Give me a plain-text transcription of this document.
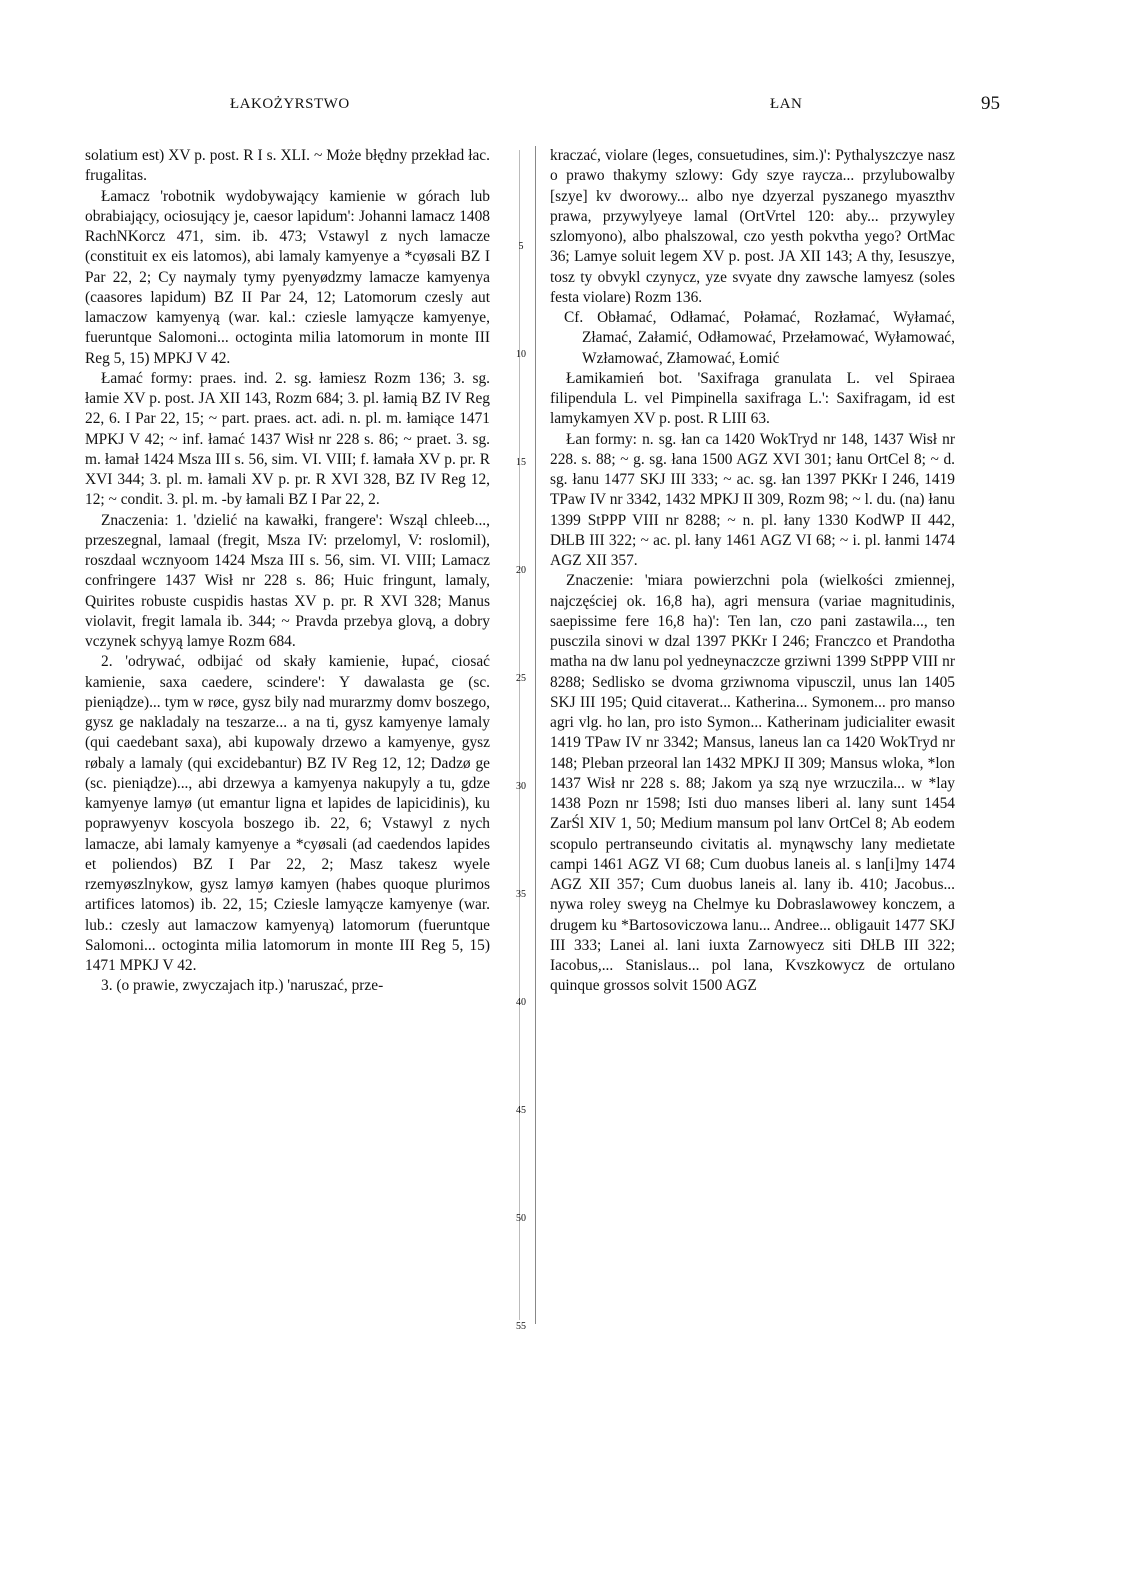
ŁAKOŻYRSTWO	ŁAN	95
5
10
15
20
25
30
35
40
45
50
55

solatium est) XV p. post. R I s. XLI. ~ Może błędny przekład łac. frugalitas.

Łamacz 'robotnik wydobywający kamienie w górach lub obrabiający, ociosujący je, caesor lapidum': Johanni lamacz 1408 RachNKorcz 471, sim. ib. 473; Vstawyl z nych lamacze (constituit ex eis latomos), abi lamaly kamyenye a *cyøsali BZ I Par 22, 2; Cy naymaly tymy pyenyødzmy lamacze kamyenya (caasores lapidum) BZ II Par 24, 12; Latomorum czesly aut lamaczow kamyenyą (war. kal.: cziesle lamyącze kamyenye, fueruntque Salomoni... octoginta milia latomorum in monte III Reg 5, 15) MPKJ V 42.

Łamać formy: praes. ind. 2. sg. łamiesz Rozm 136; 3. sg. łamie XV p. post. JA XII 143, Rozm 684; 3. pl. łamią BZ IV Reg 22, 6. I Par 22, 15; ~ part. praes. act. adi. n. pl. m. łamiące 1471 MPKJ V 42; ~ inf. łamać 1437 Wisł nr 228 s. 86; ~ praet. 3. sg. m. łamał 1424 Msza III s. 56, sim. VI. VIII; f. łamała XV p. pr. R XVI 344; 3. pl. m. łamali XV p. pr. R XVI 328, BZ IV Reg 12, 12; ~ condit. 3. pl. m. -by łamali BZ I Par 22, 2.

Znaczenia: 1. 'dzielić na kawałki, frangere': Wsząl chleeb..., przeszegnal, lamaal (fregit, Msza IV: przelomyl, V: roslomil), roszdaal wcznyoom 1424 Msza III s. 56, sim. VI. VIII; Lamacz confringere 1437 Wisł nr 228 s. 86; Huic fringunt, lamaly, Quirites robuste cuspidis hastas XV p. pr. R XVI 328; Manus violavit, fregit lamala ib. 344; ~ Pravda przebya glovą, a dobry vczynek schyyą lamye Rozm 684.

2. 'odrywać, odbijać od skały kamienie, łupać, ciosać kamienie, saxa caedere, scindere': Y dawalasta ge (sc. pieniądze)... tym w røce, gysz bily nad murarzmy domv boszego, gysz ge nakladaly na teszarze... a na ti, gysz kamyenye lamaly (qui caedebant saxa), abi kupowaly drzewo a kamyenye, gysz røbaly a lamaly (qui excidebantur) BZ IV Reg 12, 12; Dadzø ge (sc. pieniądze)..., abi drzewya a kamyenya nakupyly a tu, gdze kamyenye lamyø (ut emantur ligna et lapides de lapicidinis), ku poprawyenyv koscyola boszego ib. 22, 6; Vstawyl z nych lamacze, abi lamaly kamyenye a *cyøsali (ad caedendos lapides et poliendos) BZ I Par 22, 2; Masz takesz wyele rzemyøszlnykow, gysz lamyø kamyen (habes quoque plurimos artifices latomos) ib. 22, 15; Cziesle lamyącze kamyenye (war. lub.: czesly aut lamaczow kamyenyą) latomorum (fueruntque Salomoni... octoginta milia latomorum in monte III Reg 5, 15) 1471 MPKJ V 42.

3. (o prawie, zwyczajach itp.) 'naruszać, prze-

kraczać, violare (leges, consuetudines, sim.)': Pythalyszczye nasz o prawo thakymy szlowy: Gdy szye raycza... przylubowalby [szye] kv dworowy... albo nye dzyerzal pyszanego myaszthv prawa, przywylyeye lamal (OrtVrtel 120: aby... przywyley szlomyono), albo phalszowal, czo yesth pokvtha yego? OrtMac 36; Lamye soluit legem XV p. post. JA XII 143; A thy, Iesuszye, tosz ty obvykl czynycz, yze svyate dny zawsche lamyesz (soles festa violare) Rozm 136.

Cf. Obłamać, Odłamać, Połamać, Rozłamać, Wyłamać, Złamać, Załamić, Odłamować, Przełamować, Wyłamować, Wzłamować, Złamować, Łomić

Łamikamień bot. 'Saxifraga granulata L. vel Spiraea filipendula L. vel Pimpinella saxifraga L.': Saxifragam, id est lamykamyen XV p. post. R LIII 63.

Łan formy: n. sg. łan ca 1420 WokTryd nr 148, 1437 Wisł nr 228. s. 88; ~ g. sg. łana 1500 AGZ XVI 301; łanu OrtCel 8; ~ d. sg. łanu 1477 SKJ III 333; ~ ac. sg. łan 1397 PKKr I 246, 1419 TPaw IV nr 3342, 1432 MPKJ II 309, Rozm 98; ~ l. du. (na) łanu 1399 StPPP VIII nr 8288; ~ n. pl. łany 1330 KodWP II 442, DłLB III 322; ~ ac. pl. łany 1461 AGZ VI 68; ~ i. pl. łanmi 1474 AGZ XII 357.

Znaczenie: 'miara powierzchni pola (wielkości zmiennej, najczęściej ok. 16,8 ha), agri mensura (variae magnitudinis, saepissime fere 16,8 ha)': Ten lan, czo pani zastawila..., ten pusczila sinovi w dzal 1397 PKKr I 246; Franczco et Prandotha matha na dw lanu pol yedneynaczcze grziwni 1399 StPPP VIII nr 8288; Sedlisko se dvoma grziwnoma vipusczil, unus lan 1405 SKJ III 195; Quid citaverat... Katherina... Symonem... pro manso agri vlg. ho lan, pro isto Symon... Katherinam judicialiter ewasit 1419 TPaw IV nr 3342; Mansus, laneus lan ca 1420 WokTryd nr 148; Pleban przeoral lan 1432 MPKJ II 309; Mansus wloka, *lon 1437 Wisł nr 228 s. 88; Jakom ya szą nye wrzuczila... w *lay 1438 Pozn nr 1598; Isti duo manses liberi al. lany sunt 1454 ZarŚl XIV 1, 50; Medium mansum pol lanv OrtCel 8; Ab eodem scopulo pertranseundo civitatis al. mynąwschy lany medietate campi 1461 AGZ VI 68; Cum duobus laneis al. s lan[i]my 1474 AGZ XII 357; Cum duobus laneis al. lany ib. 410; Jacobus... nywa roley sweyg na Chelmye ku Dobraslawowey konczem, a drugem ku *Bartosoviczowa lanu... Andree... obligauit 1477 SKJ III 333; Lanei al. lani iuxta Zarnowyecz siti DłLB III 322; Iacobus,... Stanislaus... pol lana, Kvszkowycz de ortulano quinque grossos solvit 1500 AGZ
